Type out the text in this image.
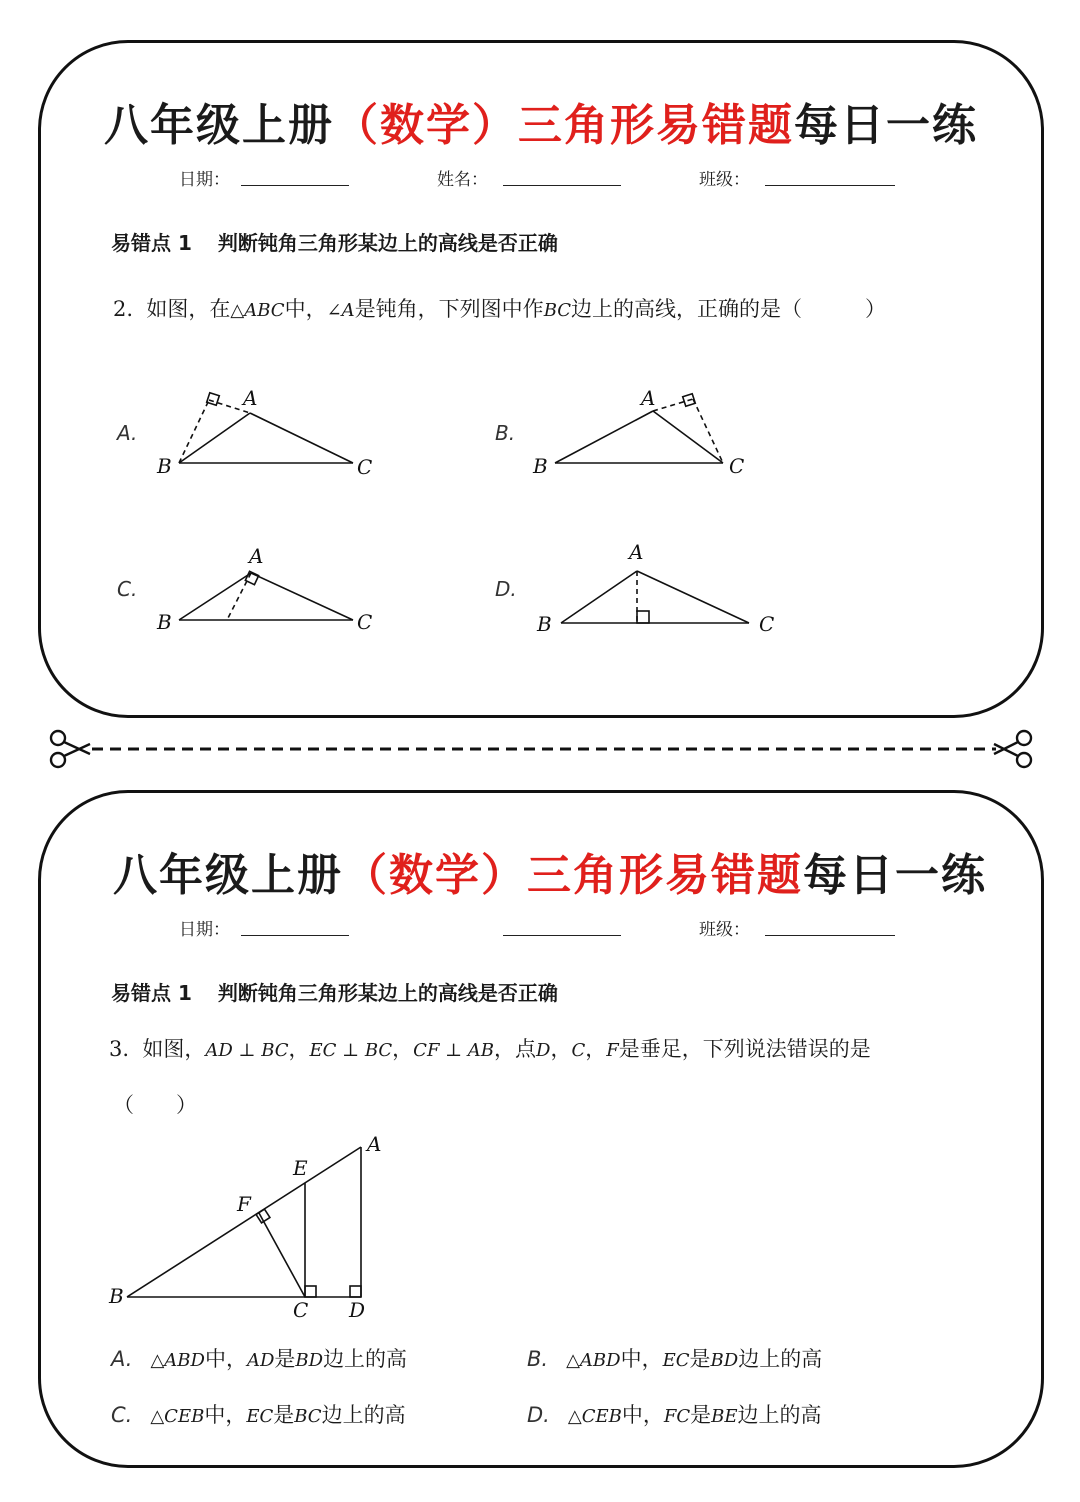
八年级上册（数学）三角形易错题每日一练
日期：	姓名：	班级：
易错点 1 判断钝角三角形某边上的高线是否正确
2. 如图，在△ABC中，∠A是钝角，下列图中作BC边上的高线，正确的是（　　　）
A.	B.
C.	D.
A
B	C
A
B	C
A
B	C
A
B	C
八年级上册（数学）三角形易错题每日一练
日期：	班级：
易错点 1 判断钝角三角形某边上的高线是否正确
3. 如图，AD ⊥ BC，EC ⊥ BC，CF ⊥ AB，点D，C，F是垂足，下列说法错误的是
（　　）
A
B
C D
E
F
A. △ABD中，AD是BD边上的高	B. △ABD中，EC是BD边上的高
C. △CEB中，EC是BC边上的高	D. △CEB中，FC是BE边上的高
